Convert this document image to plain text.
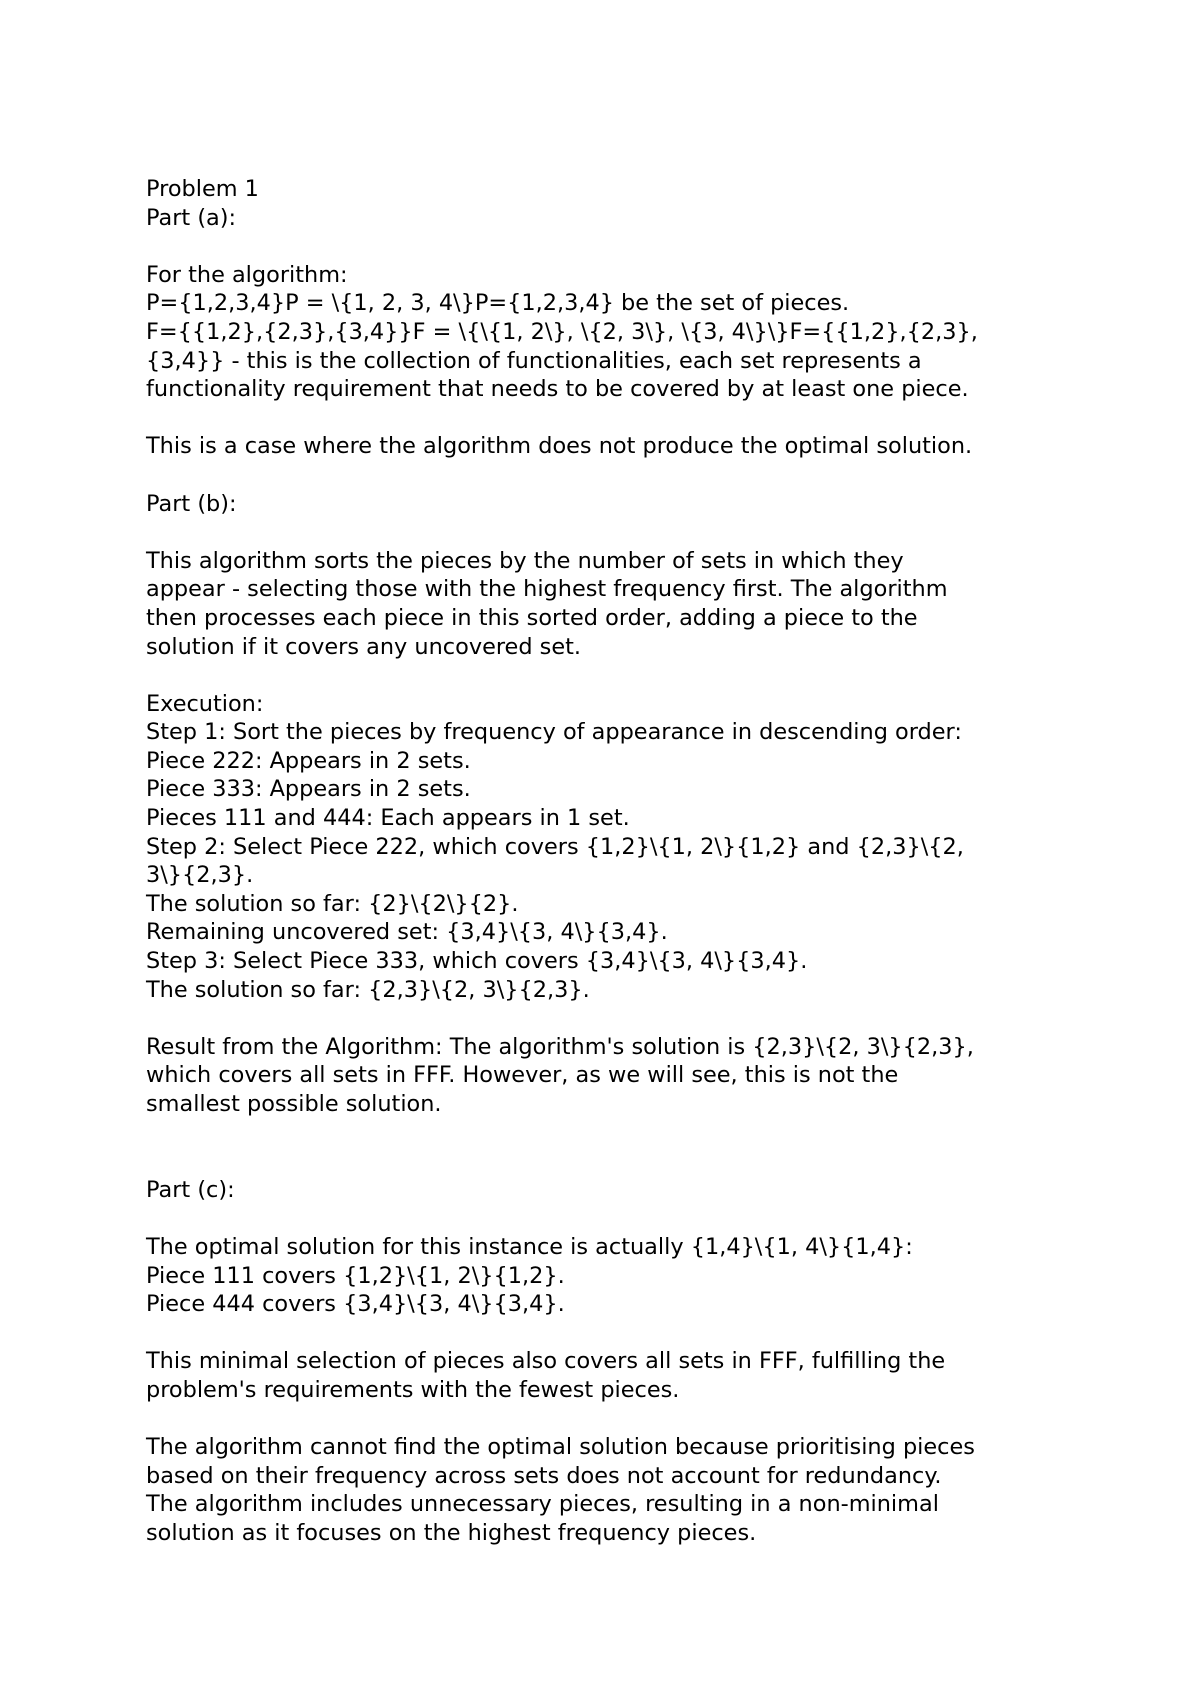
Problem 1
Part (a):
For the algorithm:
P={1,2,3,4}P = \{1, 2, 3, 4\}P={1,2,3,4} be the set of pieces.
F={{1,2},{2,3},{3,4}}F = \{\{1, 2\}, \{2, 3\}, \{3, 4\}\}F={{1,2},{2,3},
{3,4}} - this is the collection of functionalities, each set represents a
functionality requirement that needs to be covered by at least one piece.
This is a case where the algorithm does not produce the optimal solution.
Part (b):
This algorithm sorts the pieces by the number of sets in which they
appear - selecting those with the highest frequency first. The algorithm
then processes each piece in this sorted order, adding a piece to the
solution if it covers any uncovered set.
Execution:
Step 1: Sort the pieces by frequency of appearance in descending order:
Piece 222: Appears in 2 sets.
Piece 333: Appears in 2 sets.
Pieces 111 and 444: Each appears in 1 set.
Step 2: Select Piece 222, which covers {1,2}\{1, 2\}{1,2} and {2,3}\{2,
3\}{2,3}.
The solution so far: {2}\{2\}{2}.
Remaining uncovered set: {3,4}\{3, 4\}{3,4}.
Step 3: Select Piece 333, which covers {3,4}\{3, 4\}{3,4}.
The solution so far: {2,3}\{2, 3\}{2,3}.
Result from the Algorithm: The algorithm's solution is {2,3}\{2, 3\}{2,3},
which covers all sets in FFF. However, as we will see, this is not the
smallest possible solution.
Part (c):
The optimal solution for this instance is actually {1,4}\{1, 4\}{1,4}:
Piece 111 covers {1,2}\{1, 2\}{1,2}.
Piece 444 covers {3,4}\{3, 4\}{3,4}.
This minimal selection of pieces also covers all sets in FFF, fulfilling the
problem's requirements with the fewest pieces.
The algorithm cannot find the optimal solution because prioritising pieces
based on their frequency across sets does not account for redundancy.
The algorithm includes unnecessary pieces, resulting in a non-minimal
solution as it focuses on the highest frequency pieces.
